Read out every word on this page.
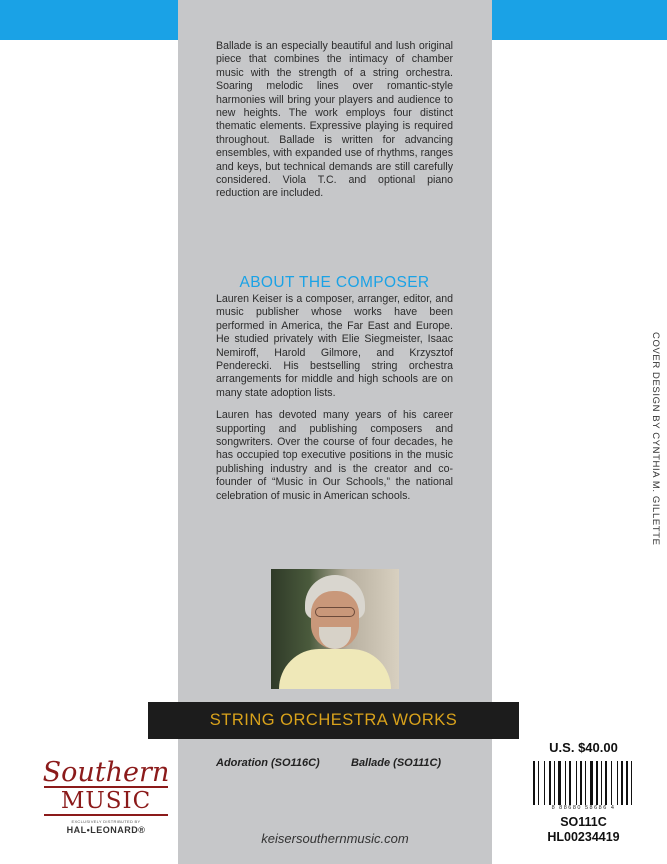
Ballade is an especially beautiful and lush original piece that combines the intimacy of chamber music with the strength of a string orchestra. Soaring melodic lines over romantic-style harmonies will bring your players and audience to new heights. The work employs four distinct thematic elements. Expressive playing is required throughout. Ballade is written for advancing ensembles, with expanded use of rhythms, ranges and keys, but technical demands are still carefully considered. Viola T.C. and optional piano reduction are included.

ABOUT THE COMPOSER

Lauren Keiser is a composer, arranger, editor, and music publisher whose works have been performed in America, the Far East and Europe. He studied privately with Elie Siegmeister, Isaac Nemiroff, Harold Gilmore, and Krzysztof Penderecki. His bestselling string orchestra arrangements for middle and high schools are on many state adoption lists.

Lauren has devoted many years of his career supporting and publishing composers and songwriters. Over the course of four decades, he has occupied top executive positions in the music publishing industry and is the creator and co-founder of “Music in Our Schools,” the national celebration of music in American schools.	COVER DESIGN BY CYNTHIA M. GILLETTE
STRING ORCHESTRA WORKS
Adoration (SO116C)	Ballade (SO111C)
Southern
MUSIC
EXCLUSIVELY DISTRIBUTED BY
HAL•LEONARD®
keisersouthernmusic.com
U.S. $40.00
8 88680 58686 4
SO111C
HL00234419
